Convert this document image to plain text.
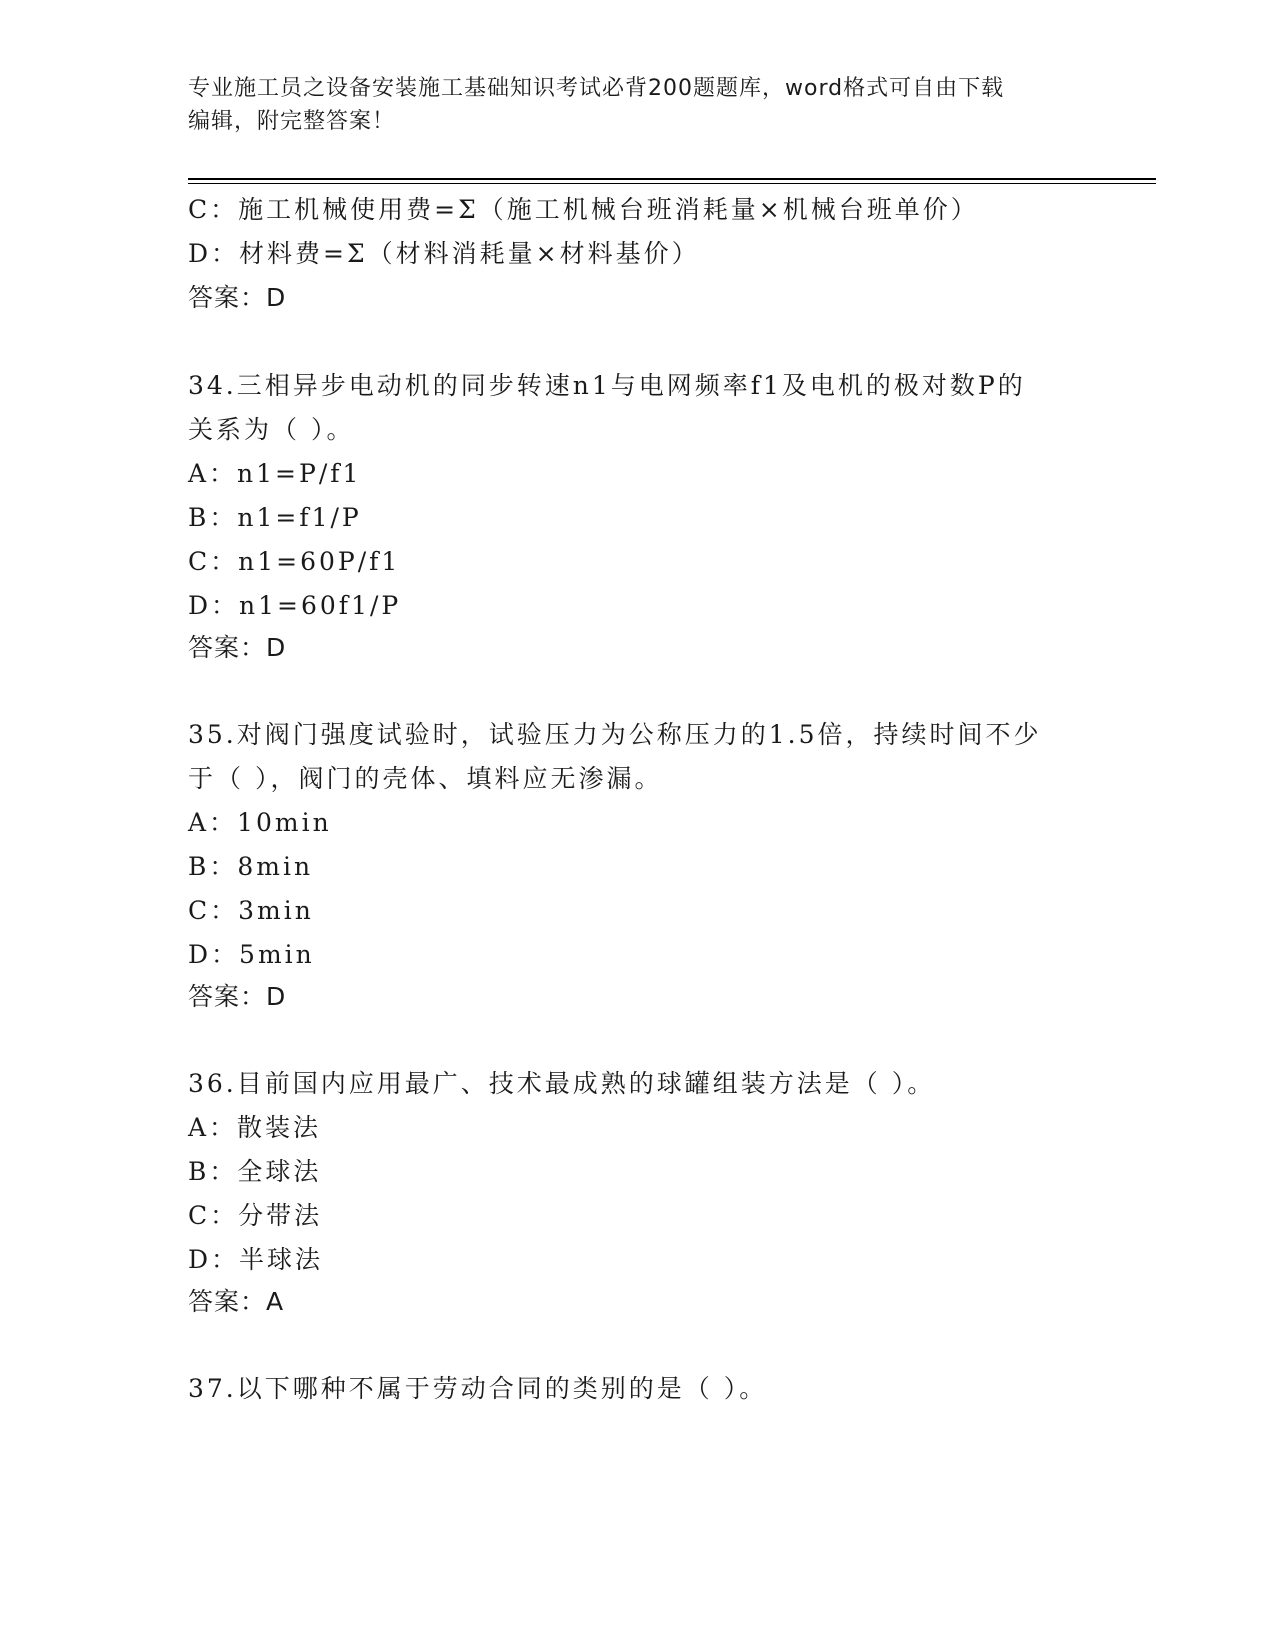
专业施工员之设备安装施工基础知识考试必背200题题库，word格式可自由下载
编辑，附完整答案！
C：施工机械使用费=Σ（施工机械台班消耗量×机械台班单价）
D：材料费=Σ（材料消耗量×材料基价）
答案：D
34.三相异步电动机的同步转速n1与电网频率f1及电机的极对数P的
关系为（ ）。
A：n1=P/f1
B：n1=f1/P
C：n1=60P/f1
D：n1=60f1/P
答案：D
35.对阀门强度试验时，试验压力为公称压力的1.5倍，持续时间不少
于（ ），阀门的壳体、填料应无渗漏。
A：10min
B：8min
C：3min
D：5min
答案：D
36.目前国内应用最广、技术最成熟的球罐组装方法是（ ）。
A：散装法
B：全球法
C：分带法
D：半球法
答案：A
37.以下哪种不属于劳动合同的类别的是（ ）。
